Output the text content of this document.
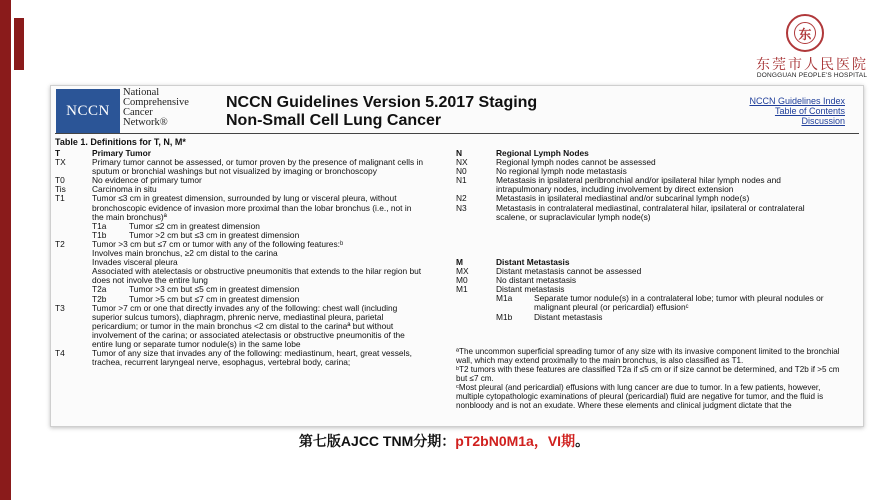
东
东莞市人民医院
DONGGUAN PEOPLE'S HOSPITAL
NCCN
National
Comprehensive
Cancer
Network®
NCCN Guidelines Version 5.2017 Staging
Non-Small Cell Lung Cancer
NCCN Guidelines Index
Table of Contents
Discussion
Table 1. Definitions for T, N, M*
T	Primary Tumor
TX	Primary tumor cannot be assessed, or tumor proven by the presence of malignant cells in sputum or bronchial washings but not visualized by imaging or bronchoscopy
T0	No evidence of primary tumor
Tis	Carcinoma in situ
T1	Tumor ≤3 cm in greatest dimension, surrounded by lung or visceral pleura, without bronchoscopic evidence of invasion more proximal than the lobar bronchus (i.e., not in the main bronchus)ª
T1a	Tumor ≤2 cm in greatest dimension
T1b	Tumor >2 cm but ≤3 cm in greatest dimension
T2	Tumor >3 cm but ≤7 cm or tumor with any of the following features:ᵇ
Involves main bronchus, ≥2 cm distal to the carina
Invades visceral pleura
Associated with atelectasis or obstructive pneumonitis that extends to the hilar region but does not involve the entire lung
T2a	Tumor >3 cm but ≤5 cm in greatest dimension
T2b	Tumor >5 cm but ≤7 cm in greatest dimension
T3	Tumor >7 cm or one that directly invades any of the following: chest wall (including superior sulcus tumors), diaphragm, phrenic nerve, mediastinal pleura, parietal pericardium; or tumor in the main bronchus <2 cm distal to the carinaª but without involvement of the carina; or associated atelectasis or obstructive pneumonitis of the entire lung or separate tumor nodule(s) in the same lobe
T4	Tumor of any size that invades any of the following: mediastinum, heart, great vessels, trachea, recurrent laryngeal nerve, esophagus, vertebral body, carina;
N	Regional Lymph Nodes
NX	Regional lymph nodes cannot be assessed
N0	No regional lymph node metastasis
N1	Metastasis in ipsilateral peribronchial and/or ipsilateral hilar lymph nodes and intrapulmonary nodes, including involvement by direct extension
N2	Metastasis in ipsilateral mediastinal and/or subcarinal lymph node(s)
N3	Metastasis in contralateral mediastinal, contralateral hilar, ipsilateral or contralateral scalene, or supraclavicular lymph node(s)
M	Distant Metastasis
MX	Distant metastasis cannot be assessed
M0	No distant metastasis
M1	Distant metastasis
M1a	Separate tumor nodule(s) in a contralateral lobe; tumor with pleural nodules or malignant pleural (or pericardial) effusionᶜ
M1b	Distant metastasis

ªThe uncommon superficial spreading tumor of any size with its invasive component limited to the bronchial wall, which may extend proximally to the main bronchus, is also classified as T1.

ᵇT2 tumors with these features are classified T2a if ≤5 cm or if size cannot be determined, and T2b if >5 cm but ≤7 cm.

ᶜMost pleural (and pericardial) effusions with lung cancer are due to tumor. In a few patients, however, multiple cytopathologic examinations of pleural (pericardial) fluid are negative for tumor, and the fluid is nonbloody and is not an exudate. Where these elements and clinical judgment dictate that the

第七版AJCC TNM分期：pT2bN0M1a，VI期。
